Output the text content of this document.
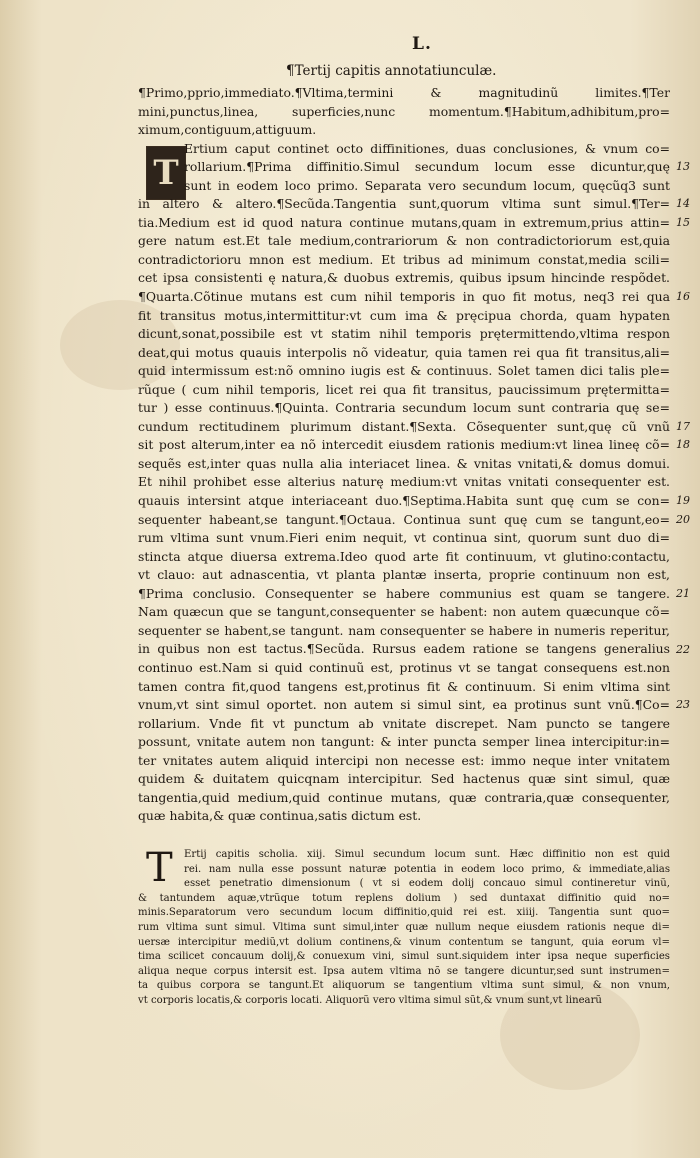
L.
¶Tertij capitis annotatiunculæ.
T
¶Primo,pprio,immediato.¶Vltima,termini & magnitudinũ limites.¶Ter
mini,punctus,linea, superficies,nunc momentum.¶Habitum,adhibitum,pro=
ximum,contiguum,attiguum.
Ertium caput continet octo diffinitiones, duas conclusiones, & vnum co=
rollarium.¶Prima diffinitio.Simul secundum locum esse dicuntur,quę
sunt in eodem loco primo. Separata vero secundum locum, quęcũq3 sunt
in altero & altero.¶Secũda.Tangentia sunt,quorum vltima sunt simul.¶Ter=
tia.Medium est id quod natura continue mutans,quam in extremum,prius attin=
gere natum est.Et tale medium,contrariorum & non contradictoriorum est,quia
contradictorioru mnon est medium. Et tribus ad minimum constat,media scili=
cet ipsa consistenti ę natura,& duobus extremis, quibus ipsum hincinde respõdet.
¶Quarta.Cõtinue mutans est cum nihil temporis in quo fit motus, neq3 rei qua
fit transitus motus,intermittitur:vt cum ima & pręcipua chorda, quam hypaten
dicunt,sonat,possibile est vt statim nihil temporis prętermittendo,vltima respon
deat,qui motus quauis interpolis nõ videatur, quia tamen rei qua fit transitus,ali=
quid intermissum est:nõ omnino iugis est & continuus. Solet tamen dici talis ple=
rũque ( cum nihil temporis, licet rei qua fit transitus, paucissimum prętermitta=
tur ) esse continuus.¶Quinta. Contraria secundum locum sunt contraria quę se=
cundum rectitudinem plurimum distant.¶Sexta. Cõsequenter sunt,quę cũ vnũ
sit post alterum,inter ea nõ intercedit eiusdem rationis medium:vt linea lineę cõ=
sequẽs est,inter quas nulla alia interiacet linea. & vnitas vnitati,& domus domui.
Et nihil prohibet esse alterius naturę medium:vt vnitas vnitati consequenter est.
quauis intersint atque interiaceant duo.¶Septima.Habita sunt quę cum se con=
sequenter habeant,se tangunt.¶Octaua. Continua sunt quę cum se tangunt,eo=
rum vltima sunt vnum.Fieri enim nequit, vt continua sint, quorum sunt duo di=
stincta atque diuersa extrema.Ideo quod arte fit continuum, vt glutino:contactu,
vt clauo: aut adnascentia, vt planta plantæ inserta, proprie continuum non est,
¶Prima conclusio. Consequenter se habere communius est quam se tangere.
Nam quæcun que se tangunt,consequenter se habent: non autem quæcunque cõ=
sequenter se habent,se tangunt. nam consequenter se habere in numeris reperitur,
in quibus non est tactus.¶Secũda. Rursus eadem ratione se tangens generalius
continuo est.Nam si quid continuũ est, protinus vt se tangat consequens est.non
tamen contra fit,quod tangens est,protinus fit & continuum. Si enim vltima sint
vnum,vt sint simul oportet. non autem si simul sint, ea protinus sunt vnũ.¶Co=
rollarium. Vnde fit vt punctum ab vnitate discrepet. Nam puncto se tangere
possunt, vnitate autem non tangunt: & inter puncta semper linea intercipitur:in=
ter vnitates autem aliquid intercipi non necesse est: immo neque inter vnitatem
quidem & duitatem quicqnam intercipitur. Sed hactenus quæ sint simul, quæ
tangentia,quid medium,quid continue mutans, quæ contraria,quæ consequenter,
quæ habita,& quæ continua,satis dictum est.
13
14
15
16
17
18
19
20
21
22
23
T	Ertij capitis scholia. xiij. Simul secundum locum sunt. Hæc diffinitio non est quid
rei. nam nulla esse possunt naturæ potentia in eodem loco primo, & immediate,alias
esset penetratio dimensionum ( vt si eodem dolij concauo simul contineretur vinũ,
& tantundem aquæ,vtrũque totum replens dolium ) sed duntaxat diffinitio quid no=
minis.Separatorum vero secundum locum diffinitio,quid rei est. xiiij. Tangentia sunt quo=
rum vltima sunt simul. Vltima sunt simul,inter quæ nullum neque eiusdem rationis neque di=
uersæ intercipitur mediũ,vt dolium continens,& vinum contentum se tangunt, quia eorum vl=
tima scilicet concauum dolij,& conuexum vini, simul sunt.siquidem inter ipsa neque superficies
aliqua neque corpus intersit est. Ipsa autem vltima nõ se tangere dicuntur,sed sunt instrumen=
ta quibus corpora se tangunt.Et aliquorum se tangentium vltima sunt simul, & non vnum,
vt corporis locatis,& corporis locati. Aliquorũ vero vltima simul sũt,& vnum sunt,vt linearũ
